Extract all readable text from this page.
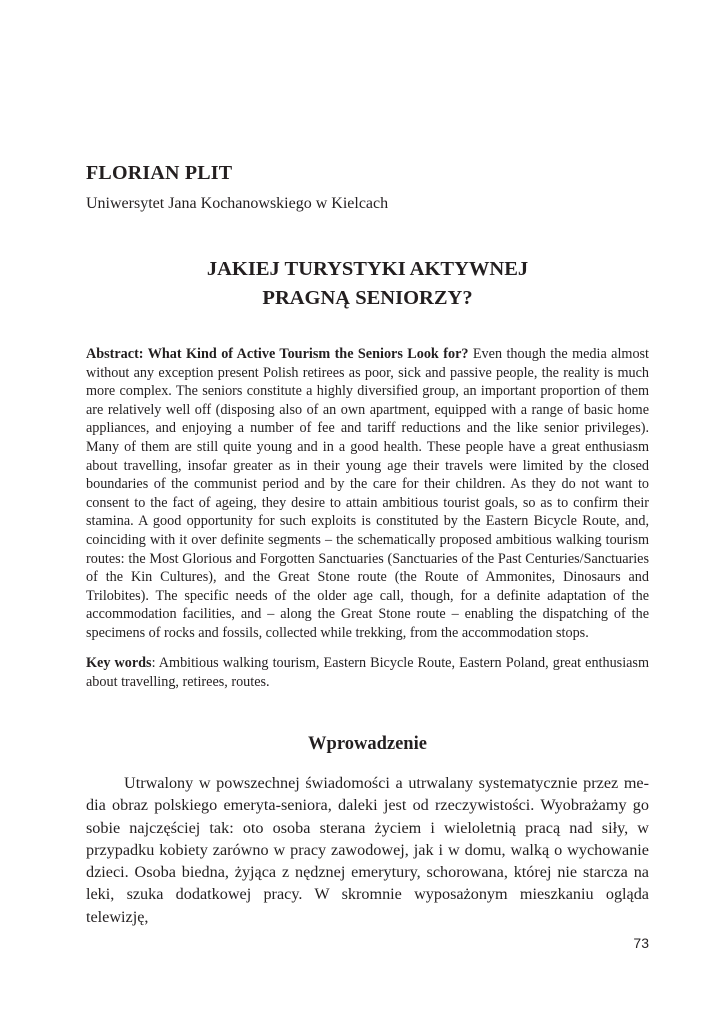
FLORIAN PLIT

Uniwersytet Jana Kochanowskiego w Kielcach

JAKIEJ TURYSTYKI AKTYWNEJ
PRAGNĄ SENIORZY?

Abstract: What Kind of Active Tourism the Seniors Look for? Even though the media almost without any exception present Polish retirees as poor, sick and passive people, the reality is much more complex. The seniors constitute a highly diversified group, an important proportion of them are relatively well off (disposing also of an own apartment, equipped with a range of basic home appliances, and enjoying a number of fee and tariff reductions and the like senior privileges). Many of them are still quite young and in a good health. These people have a great enthusiasm about travelling, insofar greater as in their young age their travels were limited by the closed boundaries of the communist period and by the care for their children. As they do not want to consent to the fact of ageing, they desire to attain ambitious tourist goals, so as to confirm their stamina. A good opportunity for such exploits is constituted by the Eastern Bicycle Route, and, coinciding with it over definite segments – the schematically proposed ambitious walking tourism routes: the Most Glorious and Forgotten Sanctuaries (Sanctuaries of the Past Centuries/Sanctuaries of the Kin Cultures), and the Great Stone route (the Route of Ammonites, Dinosaurs and Trilobites). The specific needs of the older age call, though, for a definite adaptation of the accommodation facilities, and – along the Great Stone route – enabling the dispatching of the specimens of rocks and fossils, collected while trekking, from the accommodation stops.

Key words: Ambitious walking tourism, Eastern Bicycle Route, Eastern Poland, great enthusiasm about travelling, retirees, routes.

Wprowadzenie

Utrwalony w powszechnej świadomości a utrwalany systematycznie przez media obraz polskiego emeryta-seniora, daleki jest od rzeczywistości. Wyobrażamy go sobie najczęściej tak: oto osoba sterana życiem i wieloletnią pracą nad siły, w przypadku kobiety zarówno w pracy zawodowej, jak i w domu, walką o wychowanie dzieci. Osoba biedna, żyjąca z nędznej emerytury, schorowana, której nie starcza na leki, szuka dodatkowej pracy. W skromnie wyposażonym mieszkaniu ogląda telewizję,

73
